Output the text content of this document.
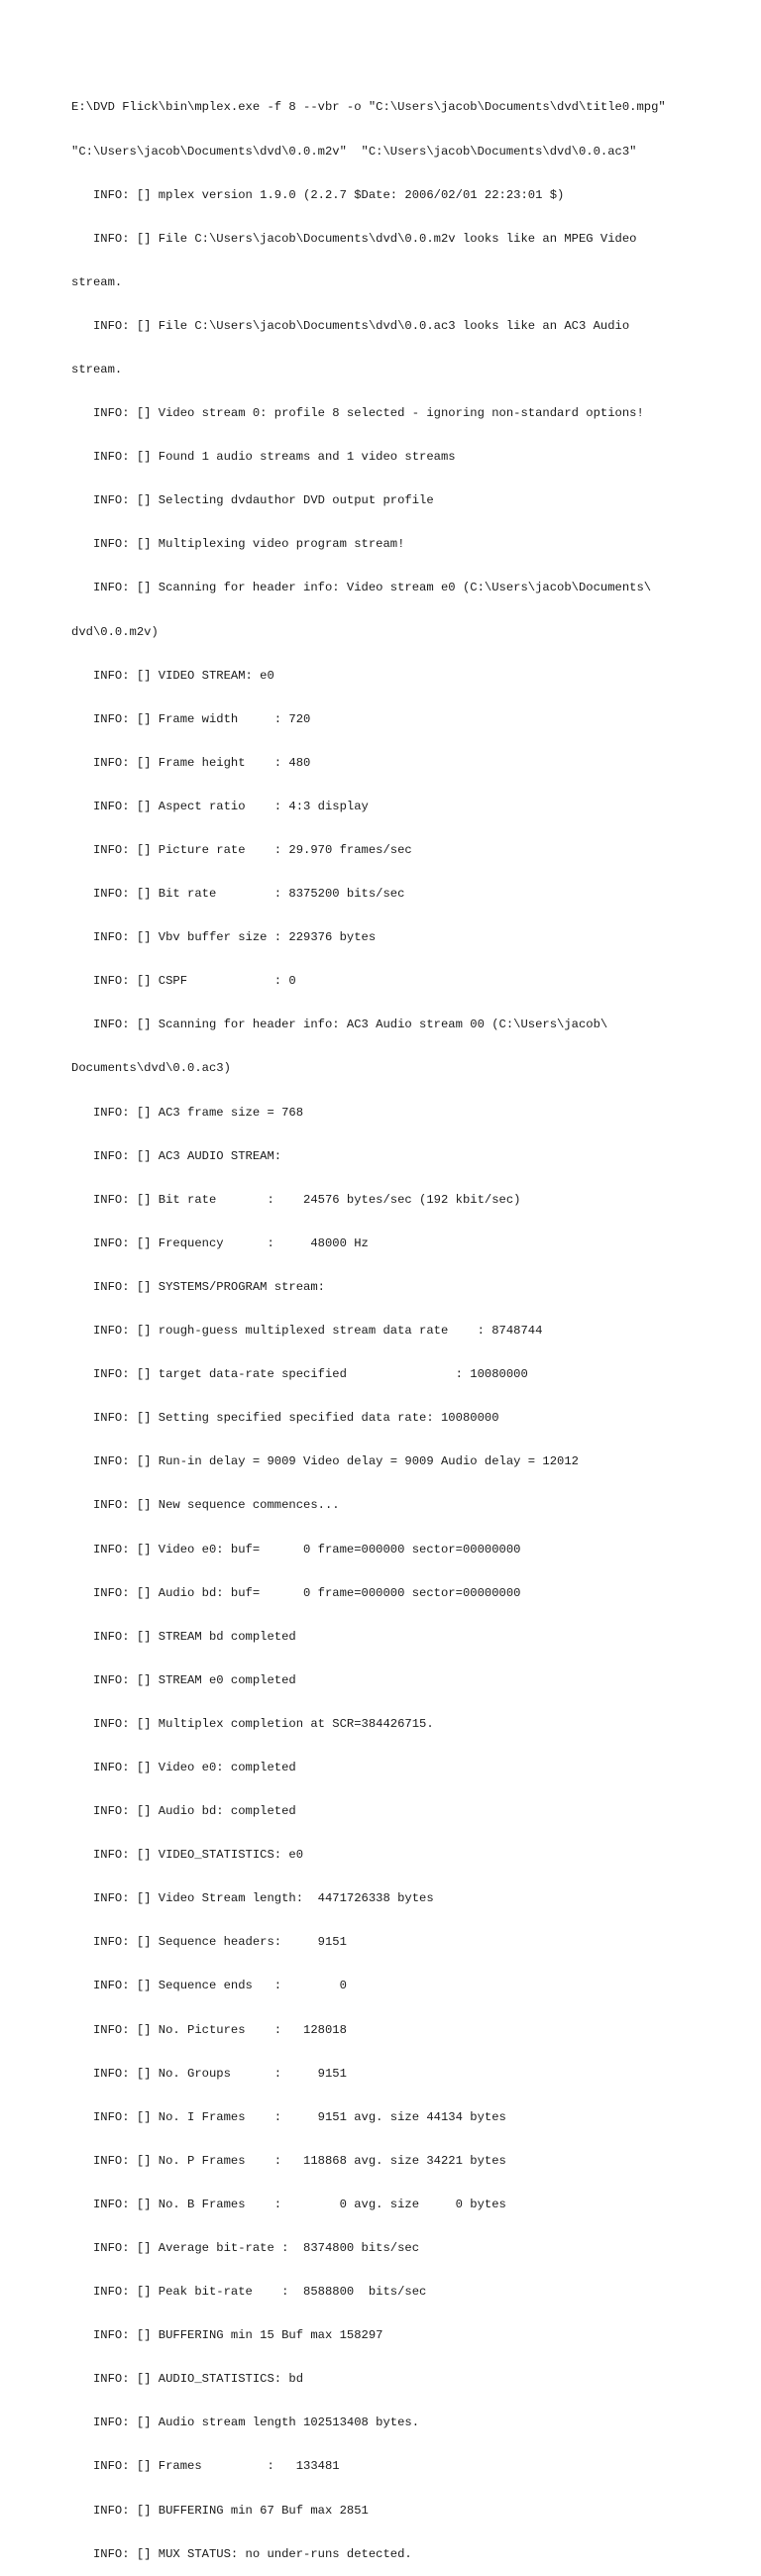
E:\DVD Flick\bin\mplex.exe -f 8 --vbr -o "C:\Users\jacob\Documents\dvd\title0.mpg"

"C:\Users\jacob\Documents\dvd\0.0.m2v"  "C:\Users\jacob\Documents\dvd\0.0.ac3"

INFO: [] mplex version 1.9.0 (2.2.7 $Date: 2006/02/01 22:23:01 $)

INFO: [] File C:\Users\jacob\Documents\dvd\0.0.m2v looks like an MPEG Video

stream.

INFO: [] File C:\Users\jacob\Documents\dvd\0.0.ac3 looks like an AC3 Audio

stream.

INFO: [] Video stream 0: profile 8 selected - ignoring non-standard options!

INFO: [] Found 1 audio streams and 1 video streams

INFO: [] Selecting dvdauthor DVD output profile

INFO: [] Multiplexing video program stream!

INFO: [] Scanning for header info: Video stream e0 (C:\Users\jacob\Documents\

dvd\0.0.m2v)

INFO: [] VIDEO STREAM: e0

INFO: [] Frame width     : 720

INFO: [] Frame height    : 480

INFO: [] Aspect ratio    : 4:3 display

INFO: [] Picture rate    : 29.970 frames/sec

INFO: [] Bit rate        : 8375200 bits/sec

INFO: [] Vbv buffer size : 229376 bytes

INFO: [] CSPF            : 0

INFO: [] Scanning for header info: AC3 Audio stream 00 (C:\Users\jacob\

Documents\dvd\0.0.ac3)

INFO: [] AC3 frame size = 768

INFO: [] AC3 AUDIO STREAM:

INFO: [] Bit rate       :    24576 bytes/sec (192 kbit/sec)

INFO: [] Frequency      :     48000 Hz

INFO: [] SYSTEMS/PROGRAM stream:

INFO: [] rough-guess multiplexed stream data rate    : 8748744

INFO: [] target data-rate specified               : 10080000

INFO: [] Setting specified specified data rate: 10080000

INFO: [] Run-in delay = 9009 Video delay = 9009 Audio delay = 12012

INFO: [] New sequence commences...

INFO: [] Video e0: buf=      0 frame=000000 sector=00000000

INFO: [] Audio bd: buf=      0 frame=000000 sector=00000000

INFO: [] STREAM bd completed

INFO: [] STREAM e0 completed

INFO: [] Multiplex completion at SCR=384426715.

INFO: [] Video e0: completed

INFO: [] Audio bd: completed

INFO: [] VIDEO_STATISTICS: e0

INFO: [] Video Stream length:  4471726338 bytes

INFO: [] Sequence headers:     9151

INFO: [] Sequence ends   :        0

INFO: [] No. Pictures    :   128018

INFO: [] No. Groups      :     9151

INFO: [] No. I Frames    :     9151 avg. size 44134 bytes

INFO: [] No. P Frames    :   118868 avg. size 34221 bytes

INFO: [] No. B Frames    :        0 avg. size     0 bytes

INFO: [] Average bit-rate :  8374800 bits/sec

INFO: [] Peak bit-rate    :  8588800  bits/sec

INFO: [] BUFFERING min 15 Buf max 158297

INFO: [] AUDIO_STATISTICS: bd

INFO: [] Audio stream length 102513408 bytes.

INFO: [] Frames         :   133481

INFO: [] BUFFERING min 67 Buf max 2851

INFO: [] MUX STATUS: no under-runs detected.
